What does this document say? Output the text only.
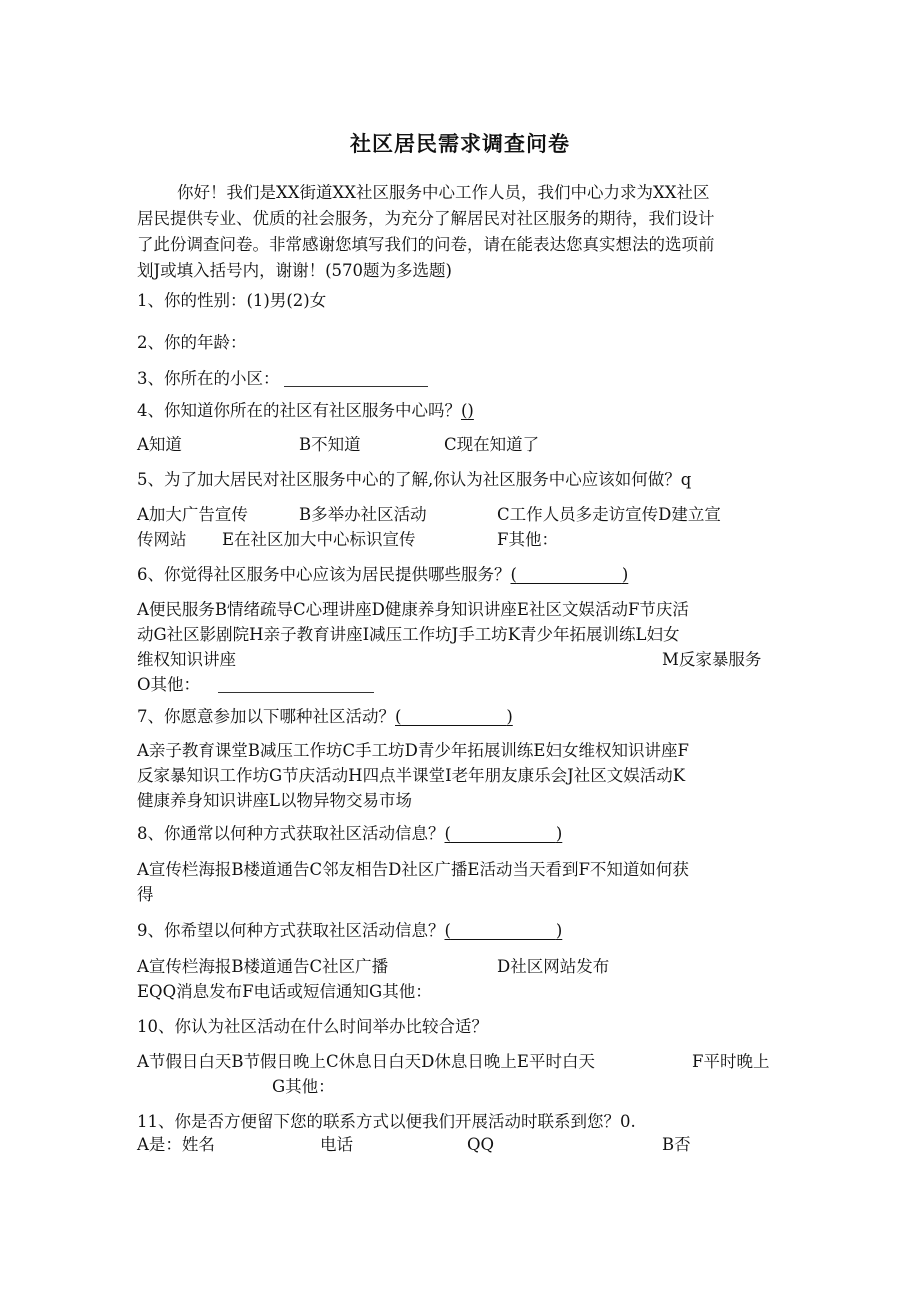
社区居民需求调查问卷
你好！我们是XX街道XX社区服务中心工作人员，我们中心力求为XX社区
居民提供专业、优质的社会服务，为充分了解居民对社区服务的期待，我们设计
了此份调查问卷。非常感谢您填写我们的问卷，请在能表达您真实想法的选项前
划J或填入括号内，谢谢！(570题为多选题)
1、你的性别：(1)男(2)女
2、你的年龄：
3、你所在的小区：
4、你知道你所在的社区有社区服务中心吗？()
A知道	B不知道	C现在知道了
5、为了加大居民对社区服务中心的了解,你认为社区服务中心应该如何做？q
A加大广告宣传	B多举办社区活动	C工作人员多走访宣传D建立宣
传网站 E在社区加大中心标识宣传	F其他：
6、你觉得社区服务中心应该为居民提供哪些服务？(	)
A便民服务B情绪疏导C心理讲座D健康养身知识讲座E社区文娱活动F节庆活
动G社区影剧院H亲子教育讲座I减压工作坊J手工坊K青少年拓展训练L妇女
维权知识讲座	M反家暴服务
O其他：
7、你愿意参加以下哪种社区活动？(	)
A亲子教育课堂B减压工作坊C手工坊D青少年拓展训练E妇女维权知识讲座F
反家暴知识工作坊G节庆活动H四点半课堂I老年朋友康乐会J社区文娱活动K
健康养身知识讲座L以物异物交易市场
8、你通常以何种方式获取社区活动信息？(	)
A宣传栏海报B楼道通告C邻友相告D社区广播E活动当天看到F不知道如何获
得
9、你希望以何种方式获取社区活动信息？(	)
A宣传栏海报B楼道通告C社区广播	D社区网站发布
EQQ消息发布F电话或短信通知G其他：
10、你认为社区活动在什么时间举办比较合适？
A节假日白天B节假日晚上C休息日白天D休息日晚上E平时白天	F平时晚上
G其他：
11、你是否方便留下您的联系方式以便我们开展活动时联系到您？0.
A是：姓名	电话	QQ	B否
